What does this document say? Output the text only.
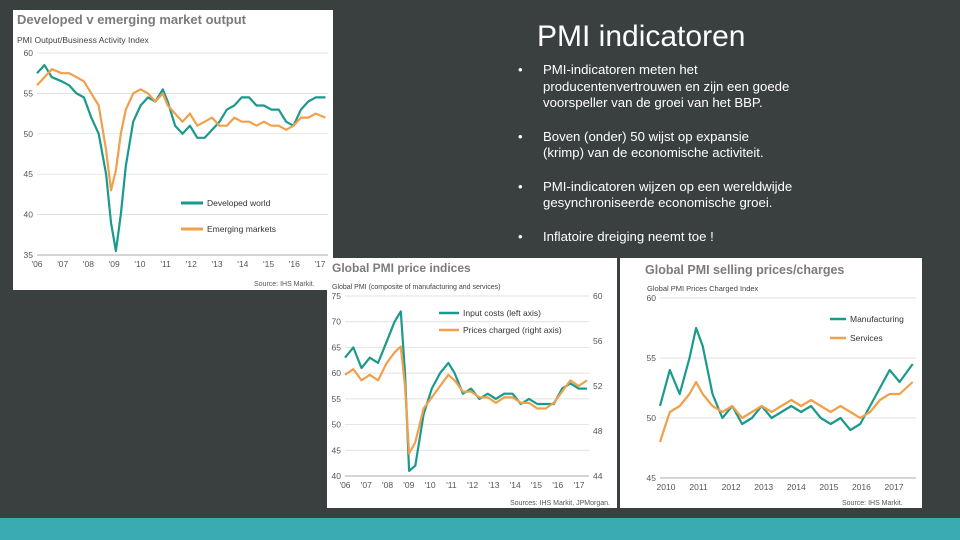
PMI indicatoren
• PMI-indicatoren meten het producentenvertrouwen en zijn een goede voorspeller van de groei van het BBP.
• Boven (onder) 50 wijst op expansie (krimp) van de economische activiteit.
• PMI-indicatoren wijzen op een wereldwijde gesynchroniseerde economische groei.
• Inflatoire dreiging neemt toe !
Developed v emerging market output
PMI Output/Business Activity Index
60
55
50
45
40
35
'06 '07 '08 '09 '10 '11 '12 '13 '14 '15 '16 '17
Developed world
Emerging markets
Source: IHS Markit.
Global PMI price indices
Global PMI (composite of manufacturing and services)
75
70
65
60
55
50
45
40
60
56
52
48
44
'06 '07 '08 '09 '10 '11 '12 '13 '14 '15 '16 '17
Input costs (left axis)
Prices charged (right axis)
Sources: IHS Markit, JPMorgan.
Global PMI selling prices/charges
Global PMI Prices Charged Index
60
55
50
45
2010 2011 2012 2013 2014 2015 2016 2017
Manufacturing
Services
Source: IHS Markit.
